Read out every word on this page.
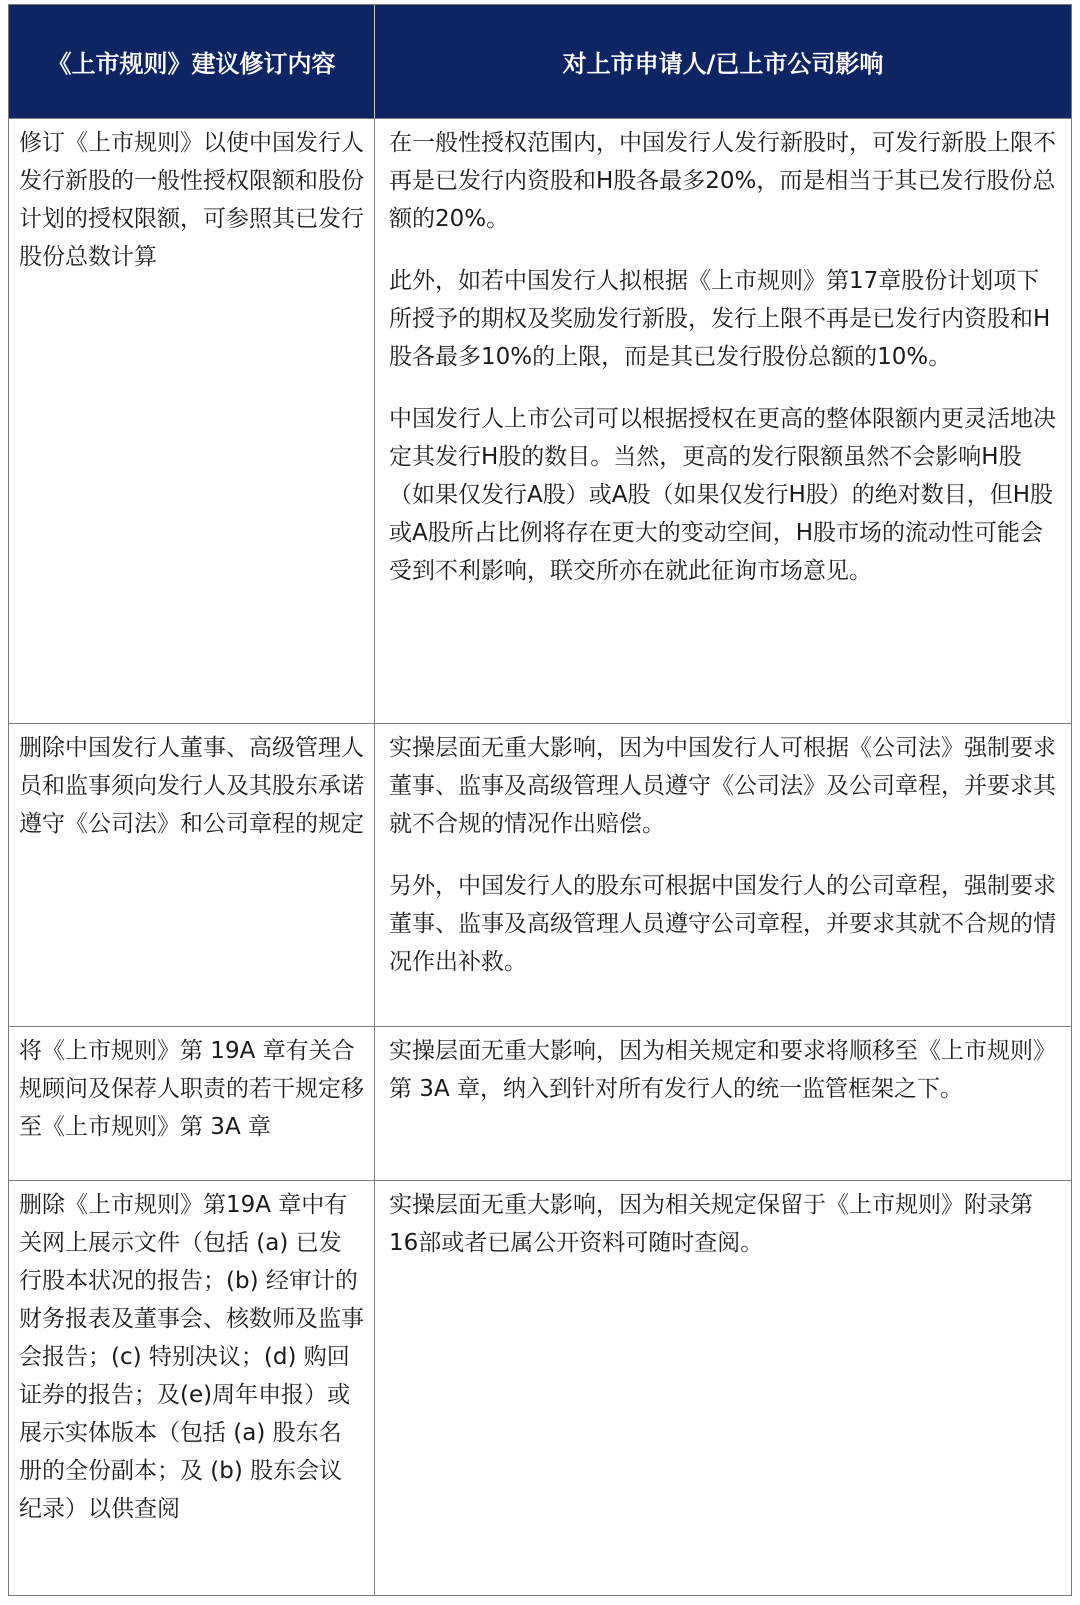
《上市规则》建议修订内容	对上市申请人/已上市公司影响
修订《上市规则》以使中国发行人发行新股的一般性授权限额和股份计划的授权限额，可参照其已发行股份总数计算

在一般性授权范围内，中国发行人发行新股时，可发行新股上限不再是已发行内资股和H股各最多20%，而是相当于其已发行股份总额的20%。

此外，如若中国发行人拟根据《上市规则》第17章股份计划项下所授予的期权及奖励发行新股，发行上限不再是已发行内资股和H股各最多10%的上限，而是其已发行股份总额的10%。

中国发行人上市公司可以根据授权在更高的整体限额内更灵活地决定其发行H股的数目。当然，更高的发行限额虽然不会影响H股（如果仅发行A股）或A股（如果仅发行H股）的绝对数目，但H股或A股所占比例将存在更大的变动空间，H股市场的流动性可能会受到不利影响，联交所亦在就此征询市场意见。

删除中国发行人董事、高级管理人员和监事须向发行人及其股东承诺遵守《公司法》和公司章程的规定

实操层面无重大影响，因为中国发行人可根据《公司法》强制要求董事、监事及高级管理人员遵守《公司法》及公司章程，并要求其就不合规的情况作出赔偿。

另外，中国发行人的股东可根据中国发行人的公司章程，强制要求董事、监事及高级管理人员遵守公司章程，并要求其就不合规的情况作出补救。

将《上市规则》第 19A 章有关合规顾问及保荐人职责的若干规定移至《上市规则》第 3A 章

实操层面无重大影响，因为相关规定和要求将顺移至《上市规则》第 3A 章，纳入到针对所有发行人的统一监管框架之下。

删除《上市规则》第19A 章中有关网上展示文件（包括 (a) 已发行股本状况的报告；(b) 经审计的财务报表及董事会、核数师及监事会报告；(c) 特别决议；(d) 购回证券的报告；及(e)周年申报）或展示实体版本（包括 (a) 股东名册的全份副本；及 (b) 股东会议纪录）以供查阅

实操层面无重大影响，因为相关规定保留于《上市规则》附录第16部或者已属公开资料可随时查阅。
